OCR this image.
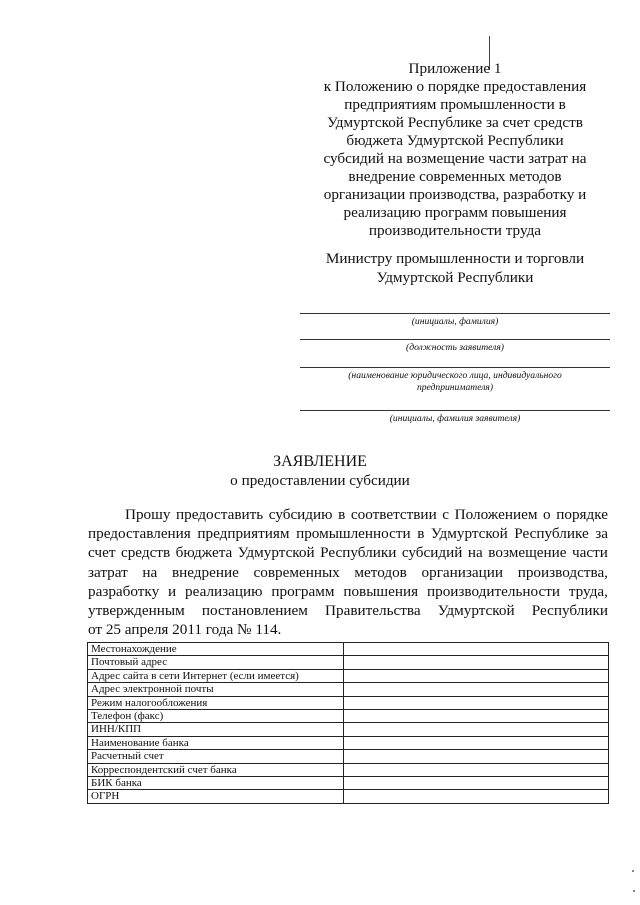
Приложение 1
к Положению о порядке предоставления
предприятиям промышленности в
Удмуртской Республике за счет средств
бюджета Удмуртской Республики
субсидий на возмещение части затрат на
внедрение современных методов
организации производства, разработку и
реализацию программ повышения
производительности труда
Министру промышленности и торговли
Удмуртской Республики
(инициалы, фамилия)
(должность заявителя)
(наименование юридического лица, индивидуального
предпринимателя)
(инициалы, фамилия заявителя)
ЗАЯВЛЕНИЕ
о предоставлении субсидии
Прошу предоставить субсидию в соответствии с Положением о порядке
предоставления предприятиям промышленности в Удмуртской Республике за
счет средств бюджета Удмуртской Республики субсидий на возмещение части
затрат на внедрение современных методов организации производства,
разработку и реализацию программ повышения производительности труда,
утвержденным постановлением Правительства Удмуртской Республики
от 25 апреля 2011 года № 114.
Местонахождение	
Почтовый адрес	
Адрес сайта в сети Интернет (если имеется)	
Адрес электронной почты	
Режим налогообложения	
Телефон (факс)	
ИНН/КПП	
Наименование банка	
Расчетный счет	
Корреспондентский счет банка	
БИК банка	
ОГРН	
